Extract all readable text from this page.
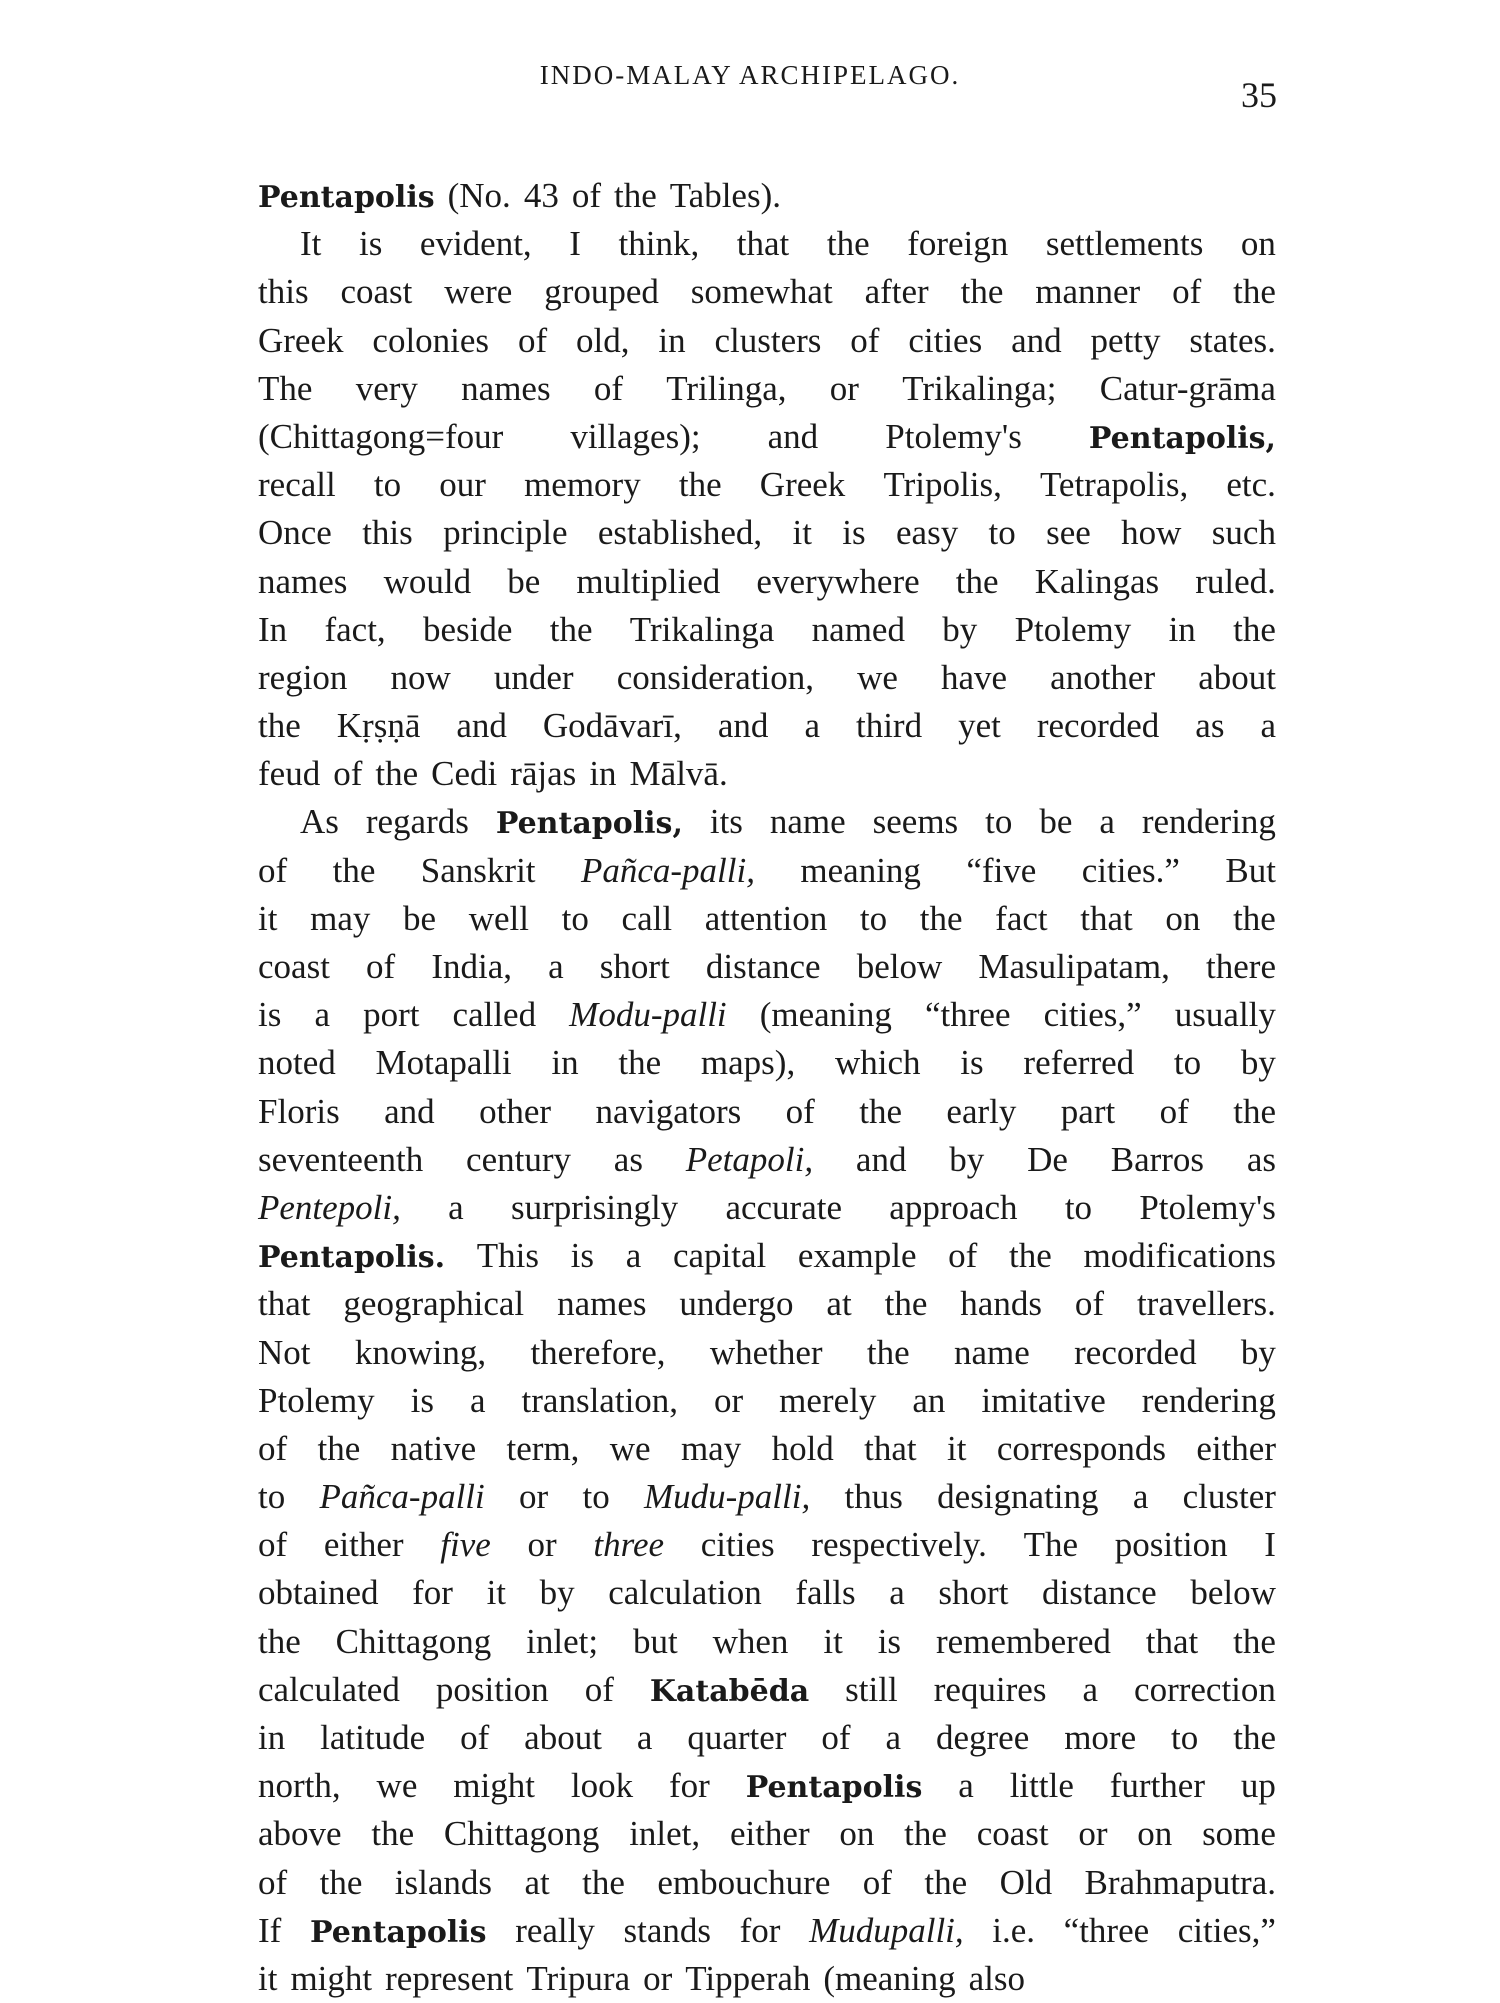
INDO-MALAY ARCHIPELAGO.	35
Pentapolis (No. 43 of the Tables).
It is evident, I think, that the foreign settlements on
this coast were grouped somewhat after the manner of the
Greek colonies of old, in clusters of cities and petty states.
The very names of Trilinga, or Trikalinga; Catur-grāma
(Chittagong=four villages); and Ptolemy's Pentapolis,
recall to our memory the Greek Tripolis, Tetrapolis, etc.
Once this principle established, it is easy to see how such
names would be multiplied everywhere the Kalingas ruled.
In fact, beside the Trikalinga named by Ptolemy in the
region now under consideration, we have another about
the Kṛṣṇā and Godāvarī, and a third yet recorded as a
feud of the Cedi rājas in Mālvā.
As regards Pentapolis, its name seems to be a rendering
of the Sanskrit Pañca-palli, meaning “five cities.” But
it may be well to call attention to the fact that on the
coast of India, a short distance below Masulipatam, there
is a port called Modu-palli (meaning “three cities,” usually
noted Motapalli in the maps), which is referred to by
Floris and other navigators of the early part of the
seventeenth century as Petapoli, and by De Barros as
Pentepoli, a surprisingly accurate approach to Ptolemy's
Pentapolis. This is a capital example of the modifications
that geographical names undergo at the hands of travellers.
Not knowing, therefore, whether the name recorded by
Ptolemy is a translation, or merely an imitative rendering
of the native term, we may hold that it corresponds either
to Pañca-palli or to Mudu-palli, thus designating a cluster
of either five or three cities respectively. The position I
obtained for it by calculation falls a short distance below
the Chittagong inlet; but when it is remembered that the
calculated position of Katabēda still requires a correction
in latitude of about a quarter of a degree more to the
north, we might look for Pentapolis a little further up
above the Chittagong inlet, either on the coast or on some
of the islands at the embouchure of the Old Brahmaputra.
If Pentapolis really stands for Mudupalli, i.e. “three cities,”
it might represent Tripura or Tipperah (meaning also
